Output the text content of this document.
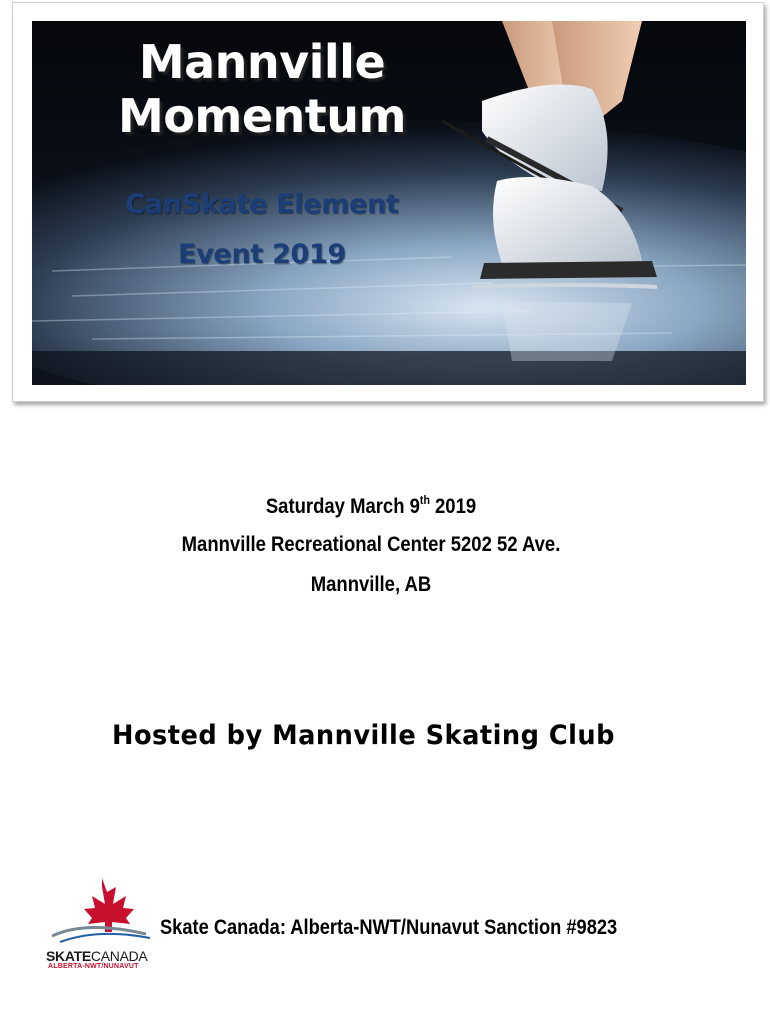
Mannville
Momentum
CanSkate Element
Event 2019
Saturday March 9th 2019
Mannville Recreational Center 5202 52 Ave.
Mannville, AB
Hosted by Mannville Skating Club
SKATECANADA
ALBERTA-NWT/NUNAVUT
Skate Canada: Alberta-NWT/Nunavut Sanction #9823
